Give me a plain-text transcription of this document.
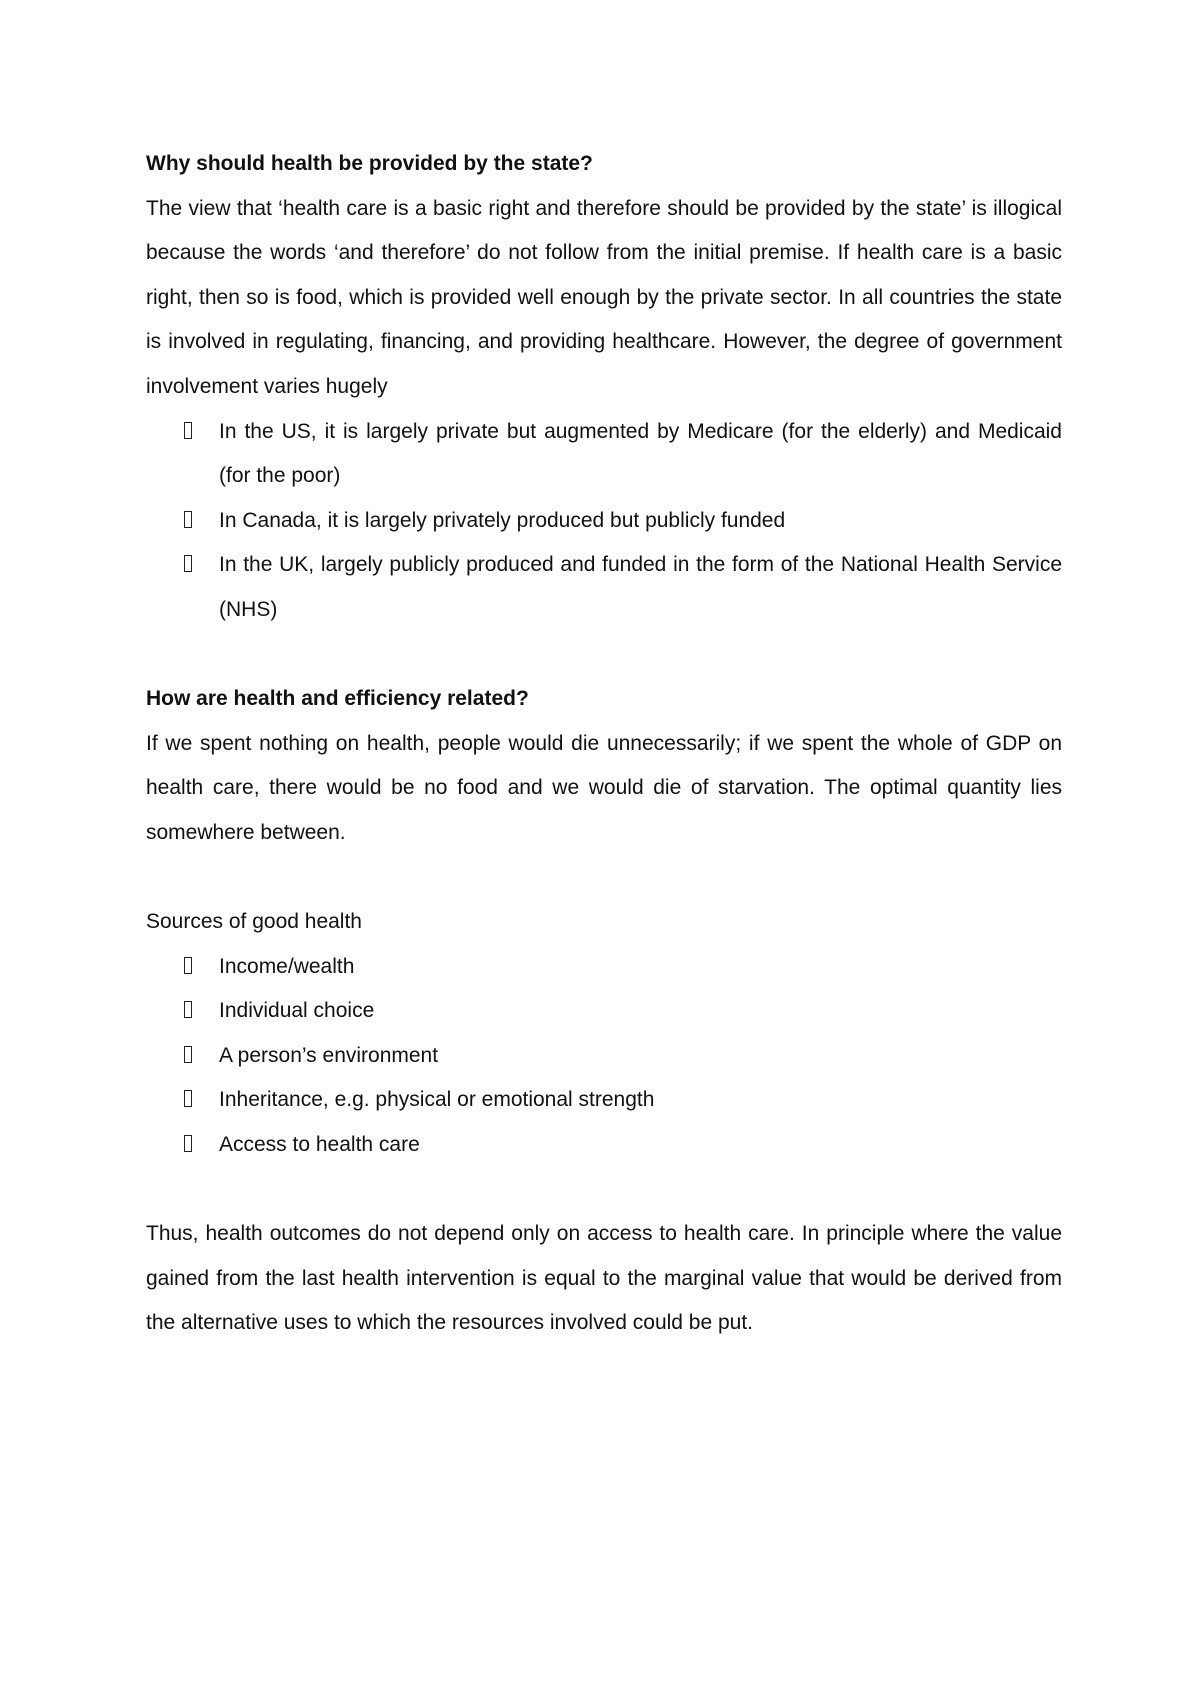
Why should health be provided by the state?

The view that ‘health care is a basic right and therefore should be provided by the state’ is illogical because the words ‘and therefore’ do not follow from the initial premise. If health care is a basic right, then so is food, which is provided well enough by the private sector. In all countries the state is involved in regulating, financing, and providing healthcare. However, the degree of government involvement varies hugely

In the US, it is largely private but augmented by Medicare (for the elderly) and Medicaid (for the poor)
In Canada, it is largely privately produced but publicly funded
In the UK, largely publicly produced and funded in the form of the National Health Service (NHS)

How are health and efficiency related?

If we spent nothing on health, people would die unnecessarily; if we spent the whole of GDP on health care, there would be no food and we would die of starvation. The optimal quantity lies somewhere between.

Sources of good health

Income/wealth
Individual choice
A person’s environment
Inheritance, e.g. physical or emotional strength
Access to health care

Thus, health outcomes do not depend only on access to health care. In principle where the value gained from the last health intervention is equal to the marginal value that would be derived from the alternative uses to which the resources involved could be put.
